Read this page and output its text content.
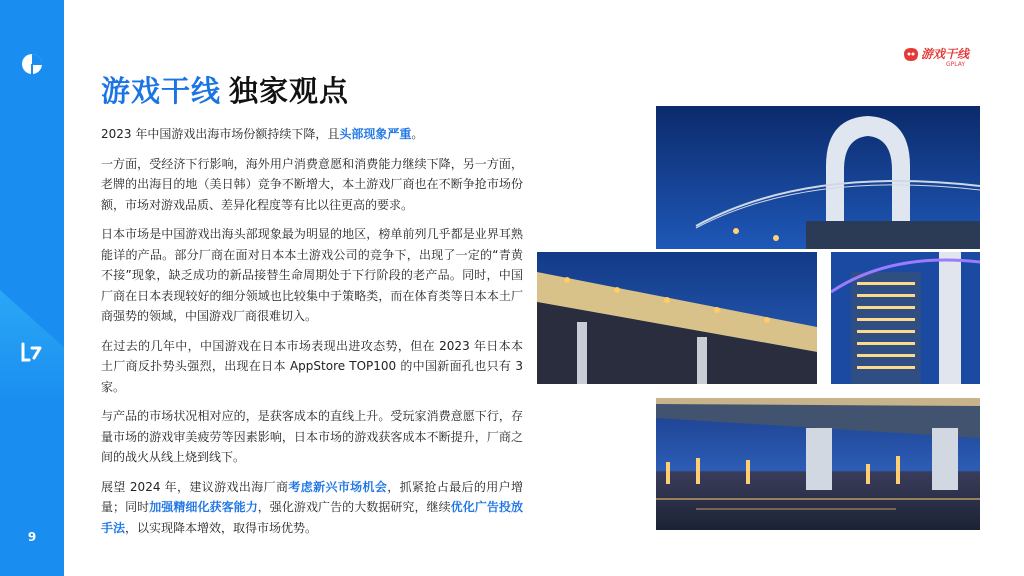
9
游戏干线 独家观点
游戏干线
GPLAY

2023 年中国游戏出海市场份额持续下降，且头部现象严重。

一方面，受经济下行影响，海外用户消费意愿和消费能力继续下降，另一方面，老牌的出海目的地（美日韩）竞争不断增大，本土游戏厂商也在不断争抢市场份额，市场对游戏品质、差异化程度等有比以往更高的要求。

日本市场是中国游戏出海头部现象最为明显的地区，榜单前列几乎都是业界耳熟能详的产品。部分厂商在面对日本本土游戏公司的竞争下，出现了一定的“青黄不接”现象，缺乏成功的新品接替生命周期处于下行阶段的老产品。同时，中国厂商在日本表现较好的细分领域也比较集中于策略类，而在体育类等日本本土厂商强势的领域，中国游戏厂商很难切入。

在过去的几年中，中国游戏在日本市场表现出进攻态势，但在 2023 年日本本土厂商反扑势头强烈，出现在日本 AppStore TOP100 的中国新面孔也只有 3 家。

与产品的市场状况相对应的，是获客成本的直线上升。受玩家消费意愿下行，存量市场的游戏审美疲劳等因素影响，日本市场的游戏获客成本不断提升，厂商之间的战火从线上烧到线下。

展望 2024 年，建议游戏出海厂商考虑新兴市场机会，抓紧抢占最后的用户增量；同时加强精细化获客能力，强化游戏广告的大数据研究，继续优化广告投放手法，以实现降本增效，取得市场优势。
